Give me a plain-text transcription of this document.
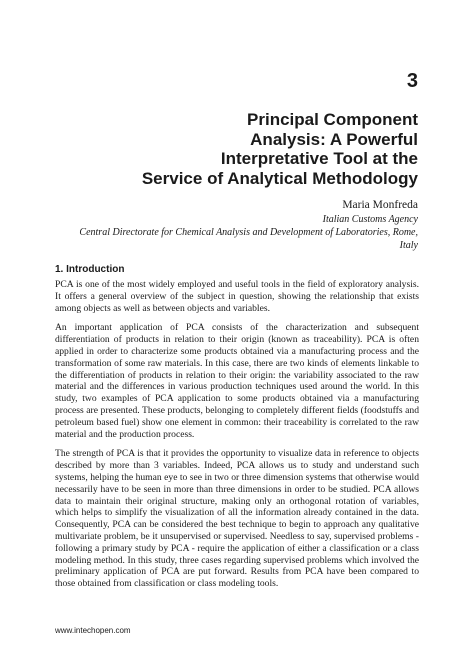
3
Principal Component
Analysis: A Powerful
Interpretative Tool at the
Service of Analytical Methodology
Maria Monfreda
Italian Customs Agency
Central Directorate for Chemical Analysis and Development of Laboratories, Rome,
Italy
1. Introduction

PCA is one of the most widely employed and useful tools in the field of exploratory analysis. It offers a general overview of the subject in question, showing the relationship that exists among objects as well as between objects and variables.

An important application of PCA consists of the characterization and subsequent differentiation of products in relation to their origin (known as traceability). PCA is often applied in order to characterize some products obtained via a manufacturing process and the transformation of some raw materials. In this case, there are two kinds of elements linkable to the differentiation of products in relation to their origin: the variability associated to the raw material and the differences in various production techniques used around the world. In this study, two examples of PCA application to some products obtained via a manufacturing process are presented. These products, belonging to completely different fields (foodstuffs and petroleum based fuel) show one element in common: their traceability is correlated to the raw material and the production process.

The strength of PCA is that it provides the opportunity to visualize data in reference to objects described by more than 3 variables. Indeed, PCA allows us to study and understand such systems, helping the human eye to see in two or three dimension systems that otherwise would necessarily have to be seen in more than three dimensions in order to be studied. PCA allows data to maintain their original structure, making only an orthogonal rotation of variables, which helps to simplify the visualization of all the information already contained in the data. Consequently, PCA can be considered the best technique to begin to approach any qualitative multivariate problem, be it unsupervised or supervised. Needless to say, supervised problems - following a primary study by PCA - require the application of either a classification or a class modeling method. In this study, three cases regarding supervised problems which involved the preliminary application of PCA are put forward. Results from PCA have been compared to those obtained from classification or class modeling tools.

www.intechopen.com
